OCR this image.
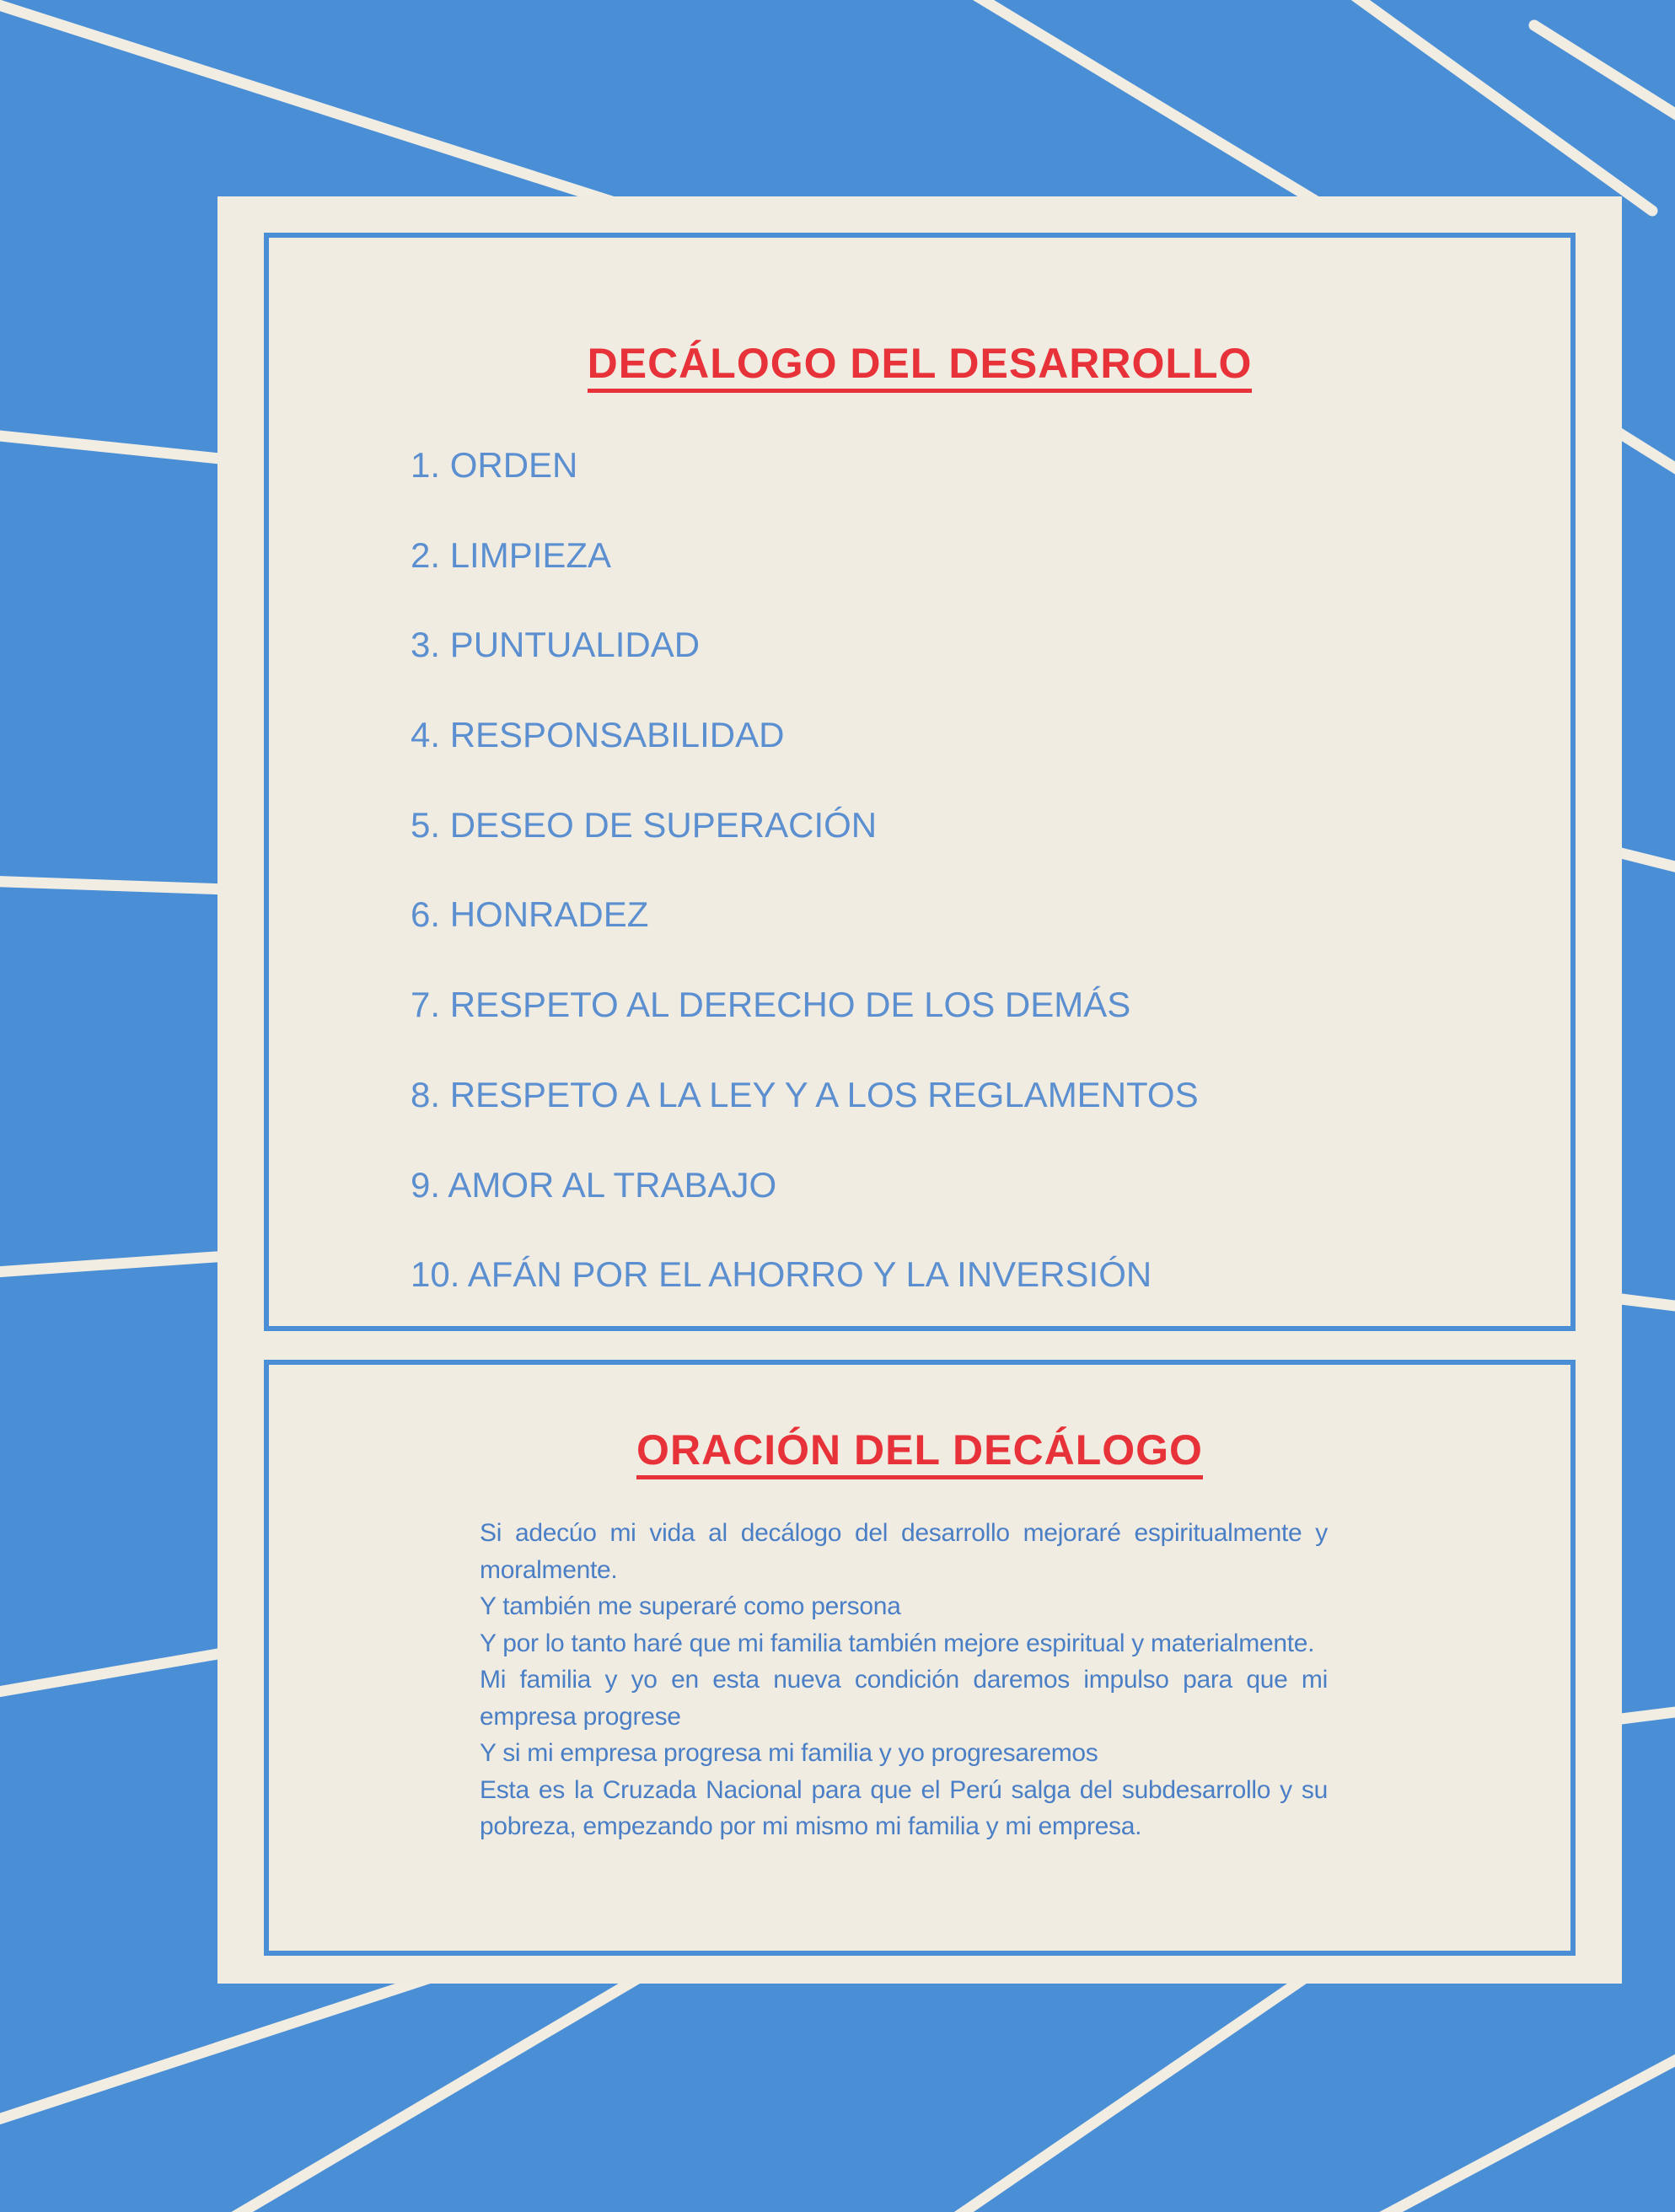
DECÁLOGO DEL DESARROLLO
1. ORDEN
2. LIMPIEZA
3. PUNTUALIDAD
4. RESPONSABILIDAD
5. DESEO DE SUPERACIÓN
6. HONRADEZ
7. RESPETO AL DERECHO DE LOS DEMÁS
8. RESPETO A LA LEY Y A LOS REGLAMENTOS
9. AMOR AL TRABAJO
10. AFÁN POR EL AHORRO Y LA INVERSIÓN
ORACIÓN DEL DECÁLOGO

Si adecúo mi vida al decálogo del desarrollo mejoraré espiritualmente y moralmente.

Y también me superaré como persona

Y por lo tanto haré que mi familia también mejore espiritual y materialmente.

Mi familia y yo en esta nueva condición daremos impulso para que mi empresa progrese

Y si mi empresa progresa mi familia y yo progresaremos

Esta es la Cruzada Nacional para que el Perú salga del subdesarrollo y su pobreza, empezando por mi mismo mi familia y mi empresa.
